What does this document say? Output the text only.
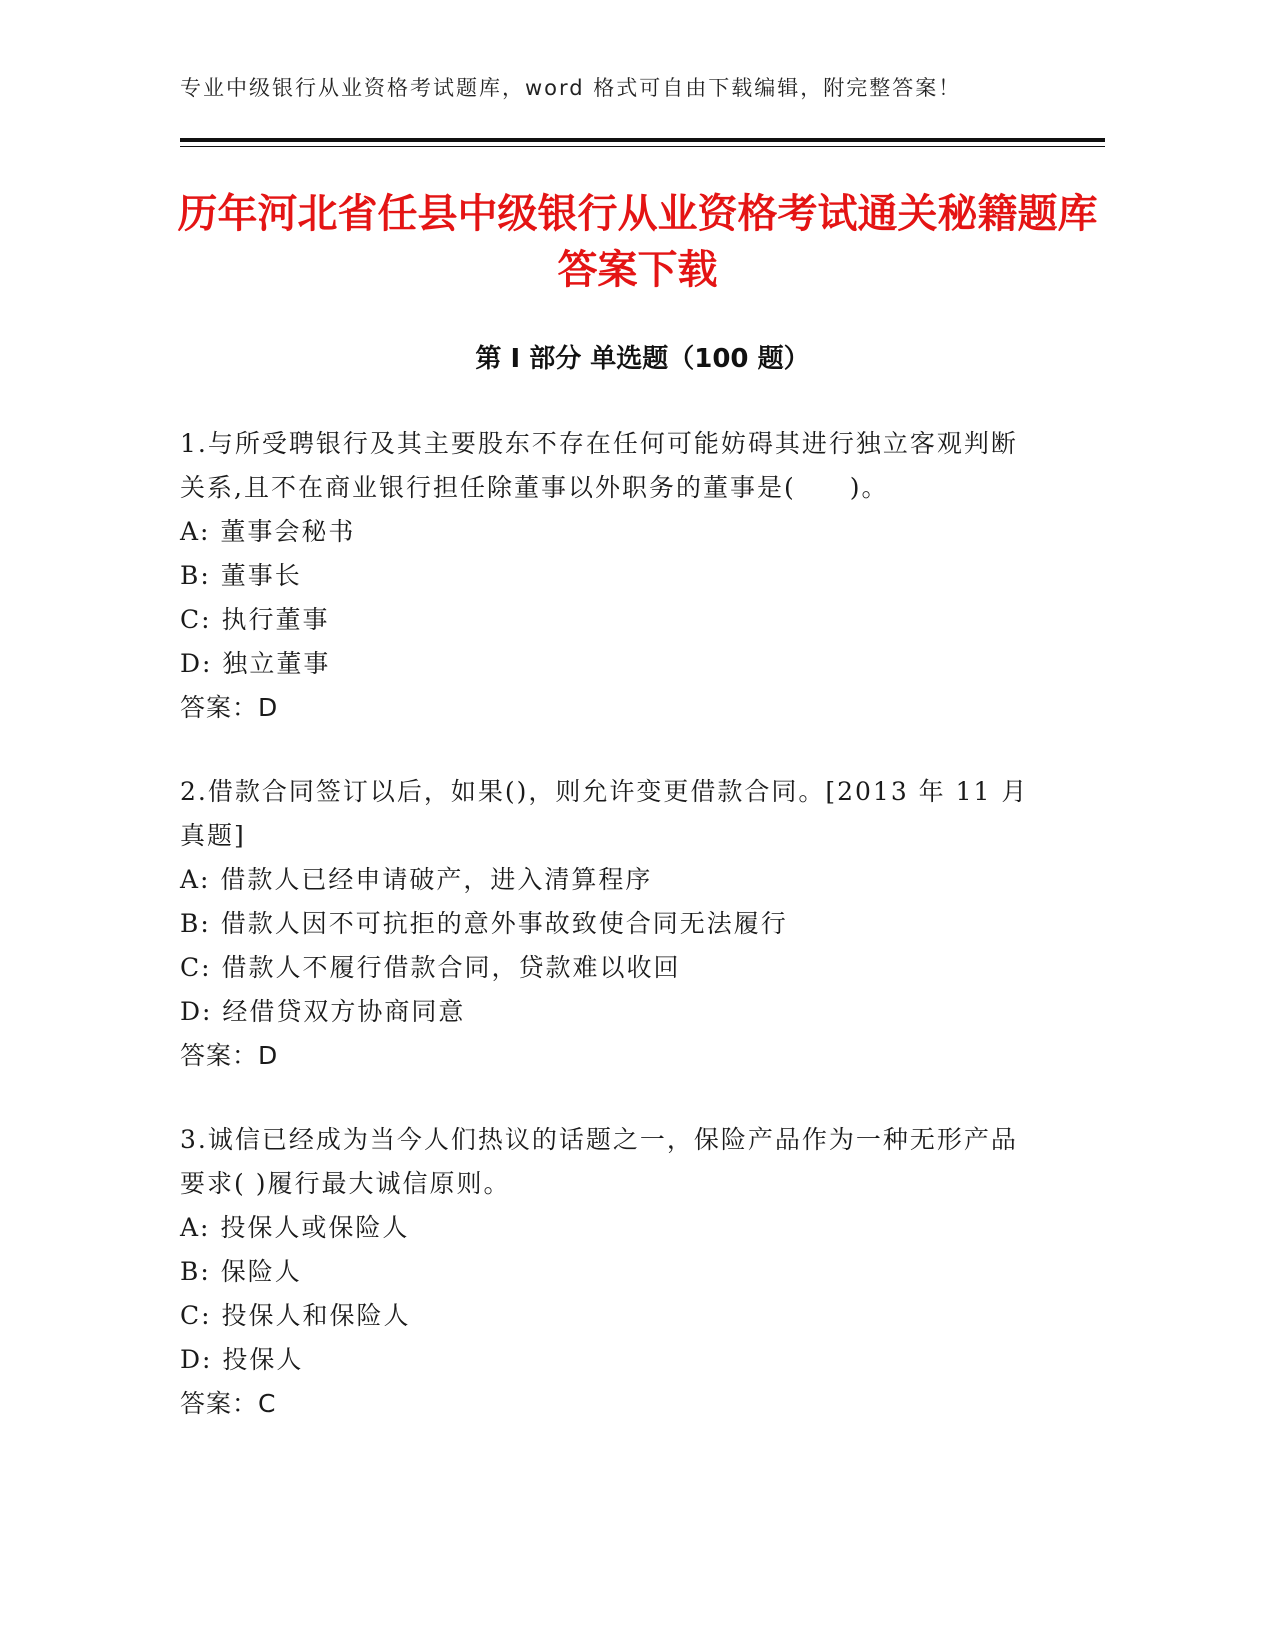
专业中级银行从业资格考试题库，word 格式可自由下载编辑，附完整答案！
历年河北省任县中级银行从业资格考试通关秘籍题库答案下载
第 I 部分 单选题（100 题）

1.与所受聘银行及其主要股东不存在任何可能妨碍其进行独立客观判断关系,且不在商业银行担任除董事以外职务的董事是(　　)。

A: 董事会秘书

B: 董事长

C: 执行董事

D: 独立董事

答案：D

2.借款合同签订以后，如果()，则允许变更借款合同。[2013 年 11 月真题]

A: 借款人已经申请破产，进入清算程序

B: 借款人因不可抗拒的意外事故致使合同无法履行

C: 借款人不履行借款合同，贷款难以收回

D: 经借贷双方协商同意

答案：D

3.诚信已经成为当今人们热议的话题之一，保险产品作为一种无形产品要求( )履行最大诚信原则。

A: 投保人或保险人

B: 保险人

C: 投保人和保险人

D: 投保人

答案：C
